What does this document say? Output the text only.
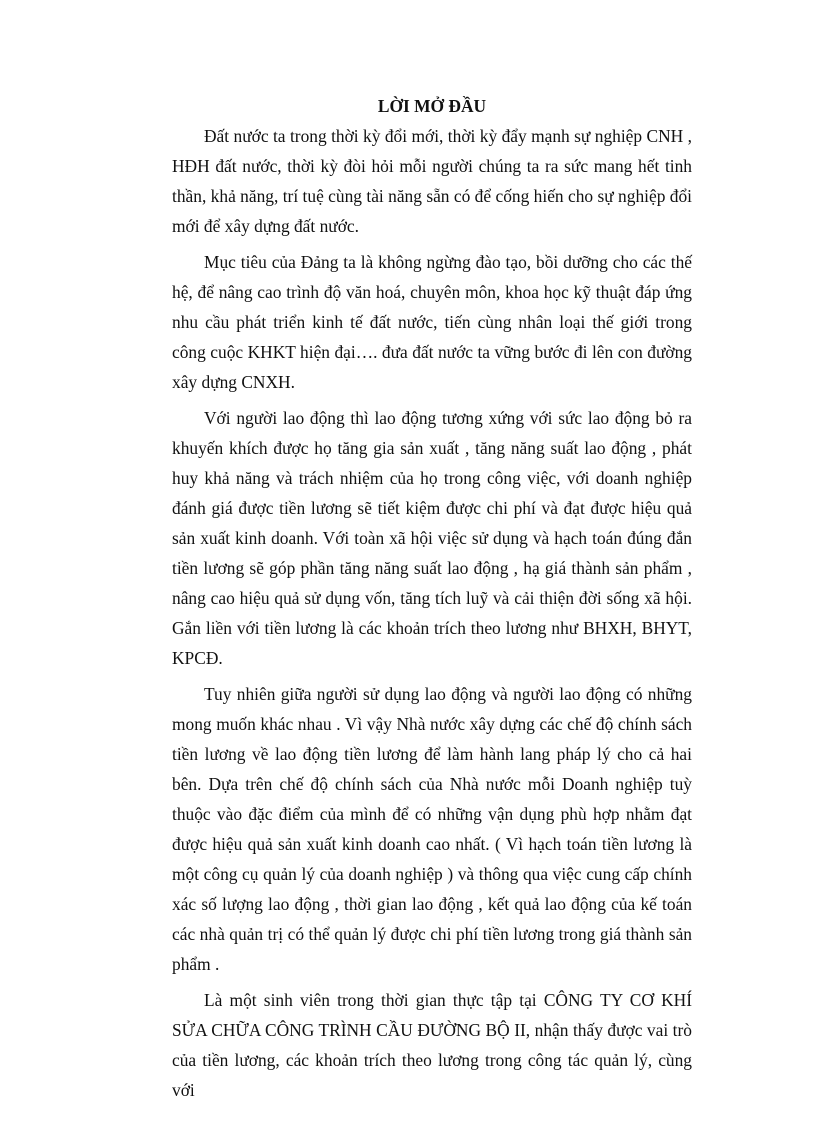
LỜI MỞ ĐẦU

Đất nước ta trong thời kỳ đổi mới, thời kỳ đẩy mạnh sự nghiệp CNH , HĐH đất nước, thời kỳ đòi hỏi mỗi người chúng ta ra sức mang hết tinh thần, khả năng, trí tuệ cùng tài năng sẵn có để cống hiến cho sự nghiệp đổi mới để xây dựng đất nước.

Mục tiêu của Đảng ta là không ngừng đào tạo, bồi dưỡng cho các thế hệ, để nâng cao trình độ văn hoá, chuyên môn, khoa học kỹ thuật đáp ứng nhu cầu phát triển kinh tế đất nước, tiến cùng nhân loại thế giới trong công cuộc KHKT hiện đại…. đưa đất nước ta vững bước đi lên con đường xây dựng CNXH.

Với người lao động thì lao động tương xứng với sức lao động bỏ ra khuyến khích được họ tăng gia sản xuất , tăng năng suất lao động , phát huy khả năng và trách nhiệm của họ trong công việc, với doanh nghiệp đánh giá được tiền lương sẽ tiết kiệm được chi phí và đạt được hiệu quả sản xuất kinh doanh. Với toàn xã hội việc sử dụng và hạch toán đúng đắn tiền lương sẽ góp phần tăng năng suất lao động , hạ giá thành sản phẩm , nâng cao hiệu quả sử dụng vốn, tăng tích luỹ và cải thiện đời sống xã hội. Gắn liền với tiền lương là các khoản trích theo lương như BHXH, BHYT, KPCĐ.

Tuy nhiên giữa người sử dụng lao động và người lao động có những mong muốn khác nhau . Vì vậy Nhà nước xây dựng các chế độ chính sách tiền lương về lao động tiền lương để làm hành lang pháp lý cho cả hai bên. Dựa trên chế độ chính sách của Nhà nước mỗi Doanh nghiệp tuỳ thuộc vào đặc điểm của mình để có những vận dụng phù hợp nhằm đạt được hiệu quả sản xuất kinh doanh cao nhất. ( Vì hạch toán tiền lương là một công cụ quản lý của doanh nghiệp ) và thông qua việc cung cấp chính xác số lượng lao động , thời gian lao động , kết quả lao động của kế toán các nhà quản trị có thể quản lý được chi phí tiền lương trong giá thành sản phẩm .

Là một sinh viên trong thời gian thực tập tại CÔNG TY CƠ KHÍ SỬA CHỮA CÔNG TRÌNH CẦU ĐƯỜNG BỘ II, nhận thấy được vai trò của tiền lương, các khoản trích theo lương trong công tác quản lý, cùng với
